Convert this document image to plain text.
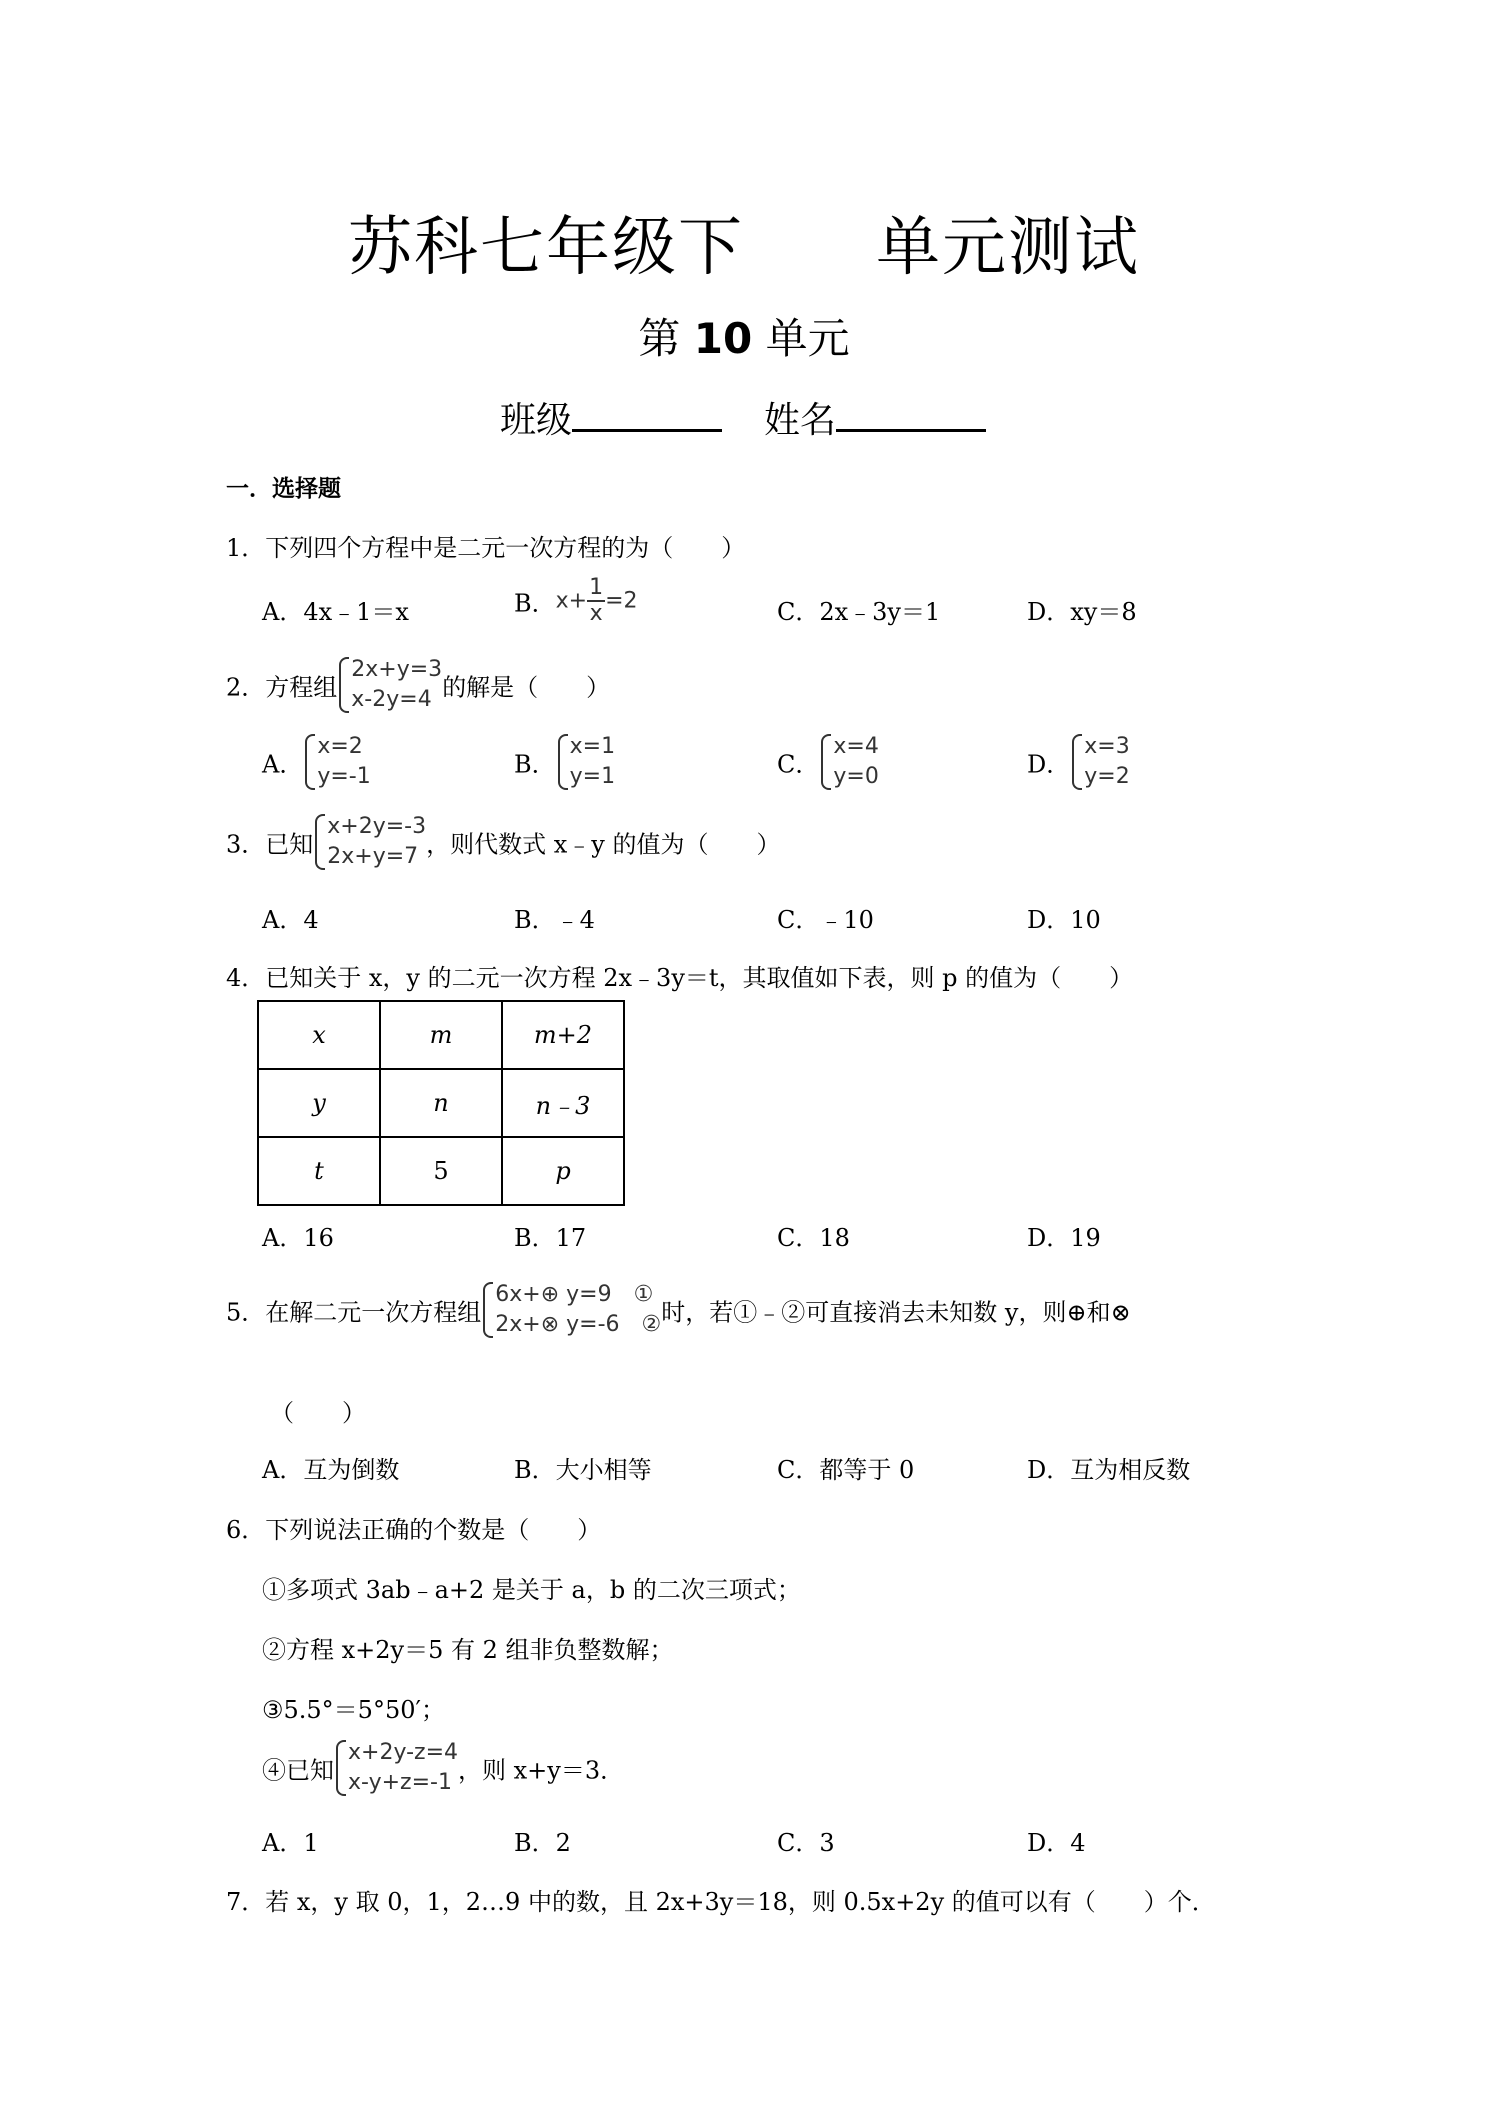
苏科七年级下　　单元测试
第 10 单元
班级	姓名
一．选择题
1．下列四个方程中是二元一次方程的为（　　）
A．4x﹣1＝x	B．$x+ \frac{1}{x} =2$	C．2x﹣3y＝1	D．xy＝8
2．方程组
2x+y=3
x-2y=4 的解是（　　）
A．
x=2
y=-1	B．
x=1
y=1	C．
x=4
y=0	D．
x=3
y=2
3．已知
x+2y=-3
2x+y=7 ，则代数式 x﹣y 的值为（　　）
A．4	B．﹣4	C．﹣10	D．10
4．已知关于 x，y 的二元一次方程 2x﹣3y＝t，其取值如下表，则 p 的值为（　　）
x	m	m+2
y	n	n﹣3
t	5	p
A．16	B．17	C．18	D．19
5．在解二元一次方程组
6x+⊕ y=9　①
2x+⊗ y=-6　② 时，若①﹣②可直接消去未知数 y，则⊕和⊗
（　　）
A．互为倒数	B．大小相等	C．都等于 0	D．互为相反数
6．下列说法正确的个数是（　　）
①多项式 3ab﹣a+2 是关于 a，b 的二次三项式；
②方程 x+2y＝5 有 2 组非负整数解；
③5.5°＝5°50′；
④已知
x+2y-z=4
x-y+z=-1 ，则 x+y＝3．
A．1	B．2	C．3	D．4
7．若 x，y 取 0，1，2…9 中的数，且 2x+3y＝18，则 0.5x+2y 的值可以有（　　）个．
